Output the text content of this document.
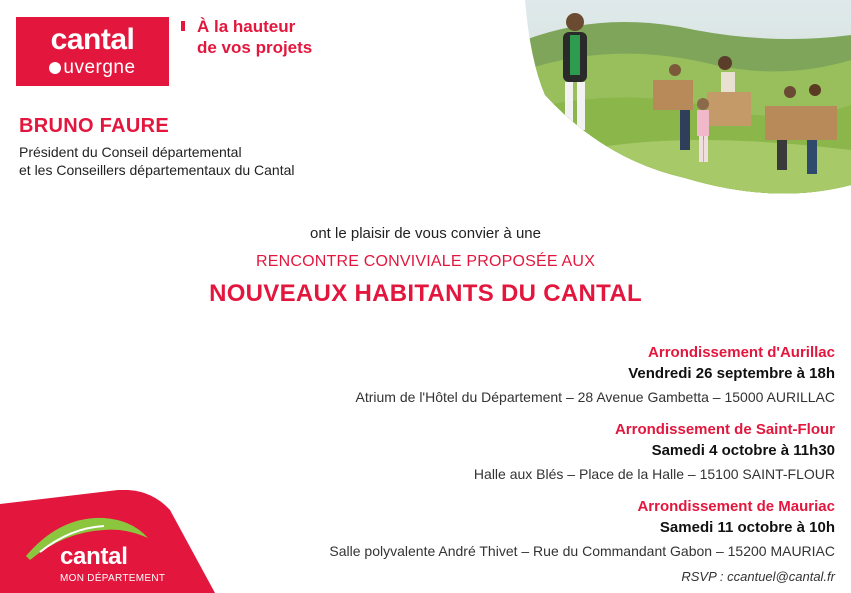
cantal
uvergne
À la hauteur
de vos projets
BRUNO FAURE
Président du Conseil départemental
et les Conseillers départementaux du Cantal
ont le plaisir de vous convier à une
RENCONTRE CONVIVIALE PROPOSÉE AUX
NOUVEAUX HABITANTS DU CANTAL
Arrondissement d'Aurillac
Vendredi 26 septembre à 18h
Atrium de l'Hôtel du Département – 28 Avenue Gambetta – 15000 AURILLAC
Arrondissement de Saint-Flour
Samedi 4 octobre à 11h30
Halle aux Blés – Place de la Halle – 15100 SAINT-FLOUR
Arrondissement de Mauriac
Samedi 11 octobre à 10h
Salle polyvalente André Thivet – Rue du Commandant Gabon – 15200 MAURIAC
RSVP : ccantuel@cantal.fr
cantal
MON DÉPARTEMENT
